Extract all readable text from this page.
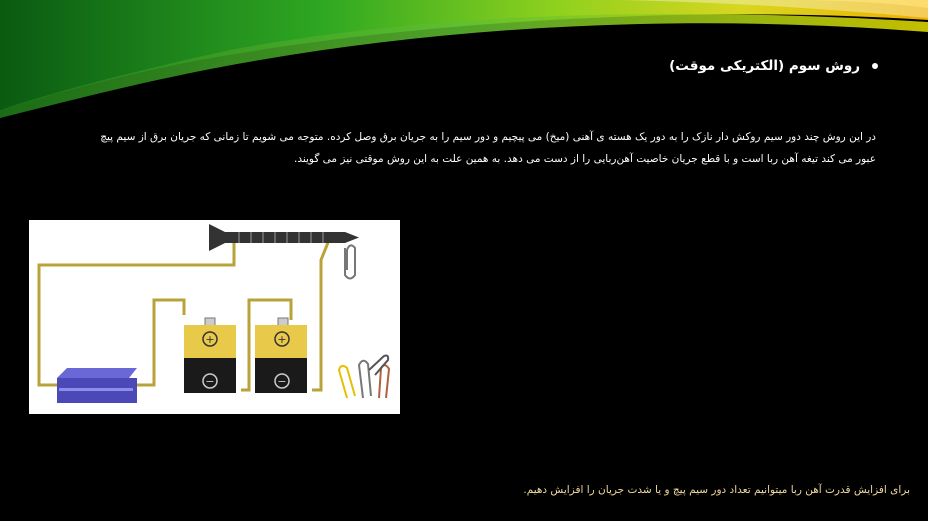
روش سوم (الکتریکی موقت)
در این روش چند دور سیم روکش دار نازک را به دور یک هسته ی آهنی (میخ) می پیچیم و دور سیم را به جریان برق وصل کرده. متوجه می شویم تا زمانی که جریان برق از سیم پیچ
عبور می کند تیغه آهن ربا است و با قطع جریان خاصیت آهن‌ربایی را از دست می دهد. به همین علت به این روش موقتی نیز می گویند.
+
−
+
−
برای افزایش قدرت آهن ربا میتوانیم تعداد دور سیم پیچ و یا شدت جریان را افزایش دهیم.
